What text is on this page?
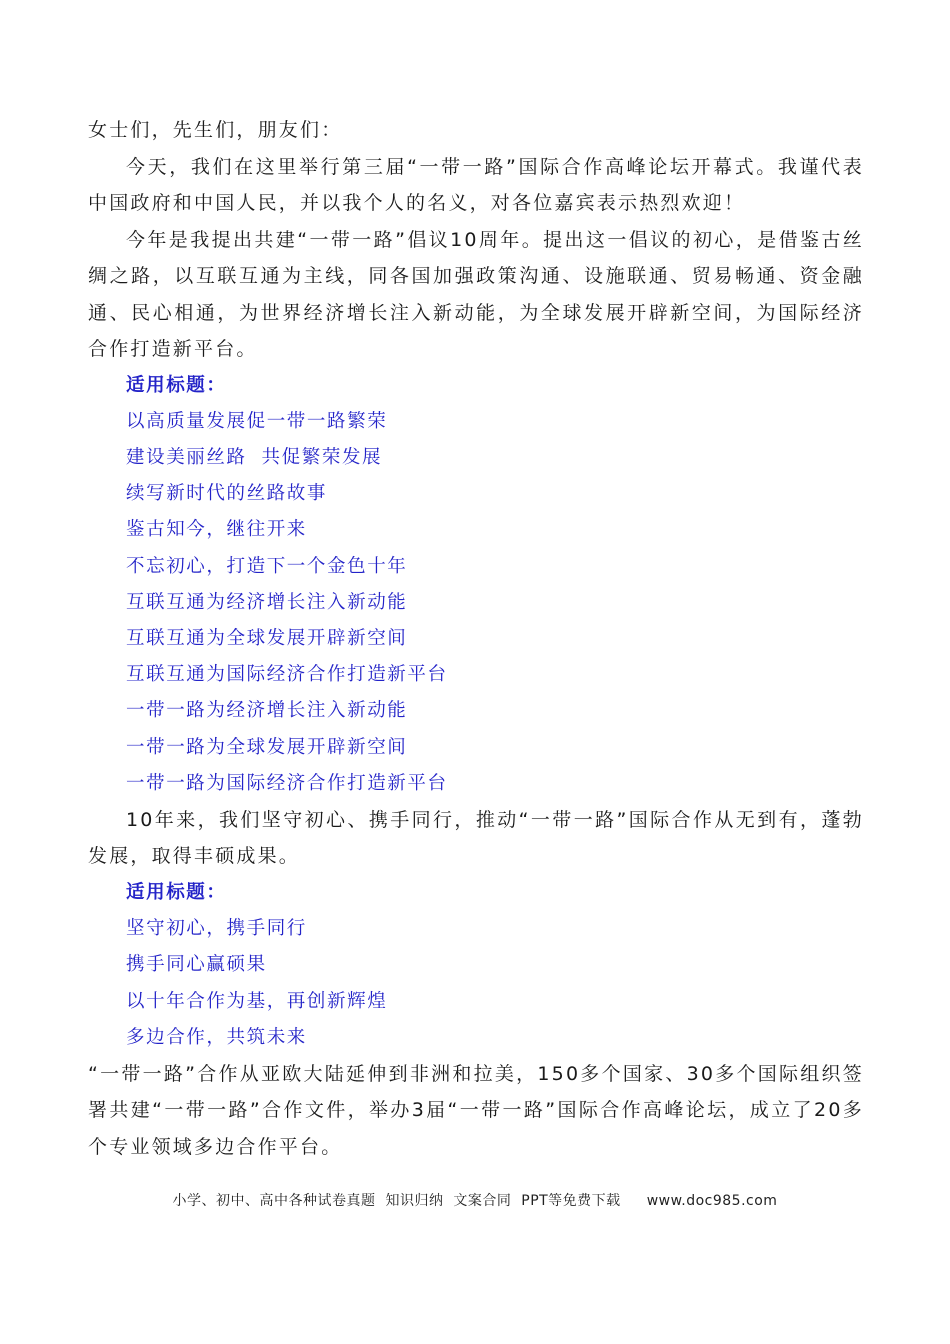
女士们，先生们，朋友们：

今天，我们在这里举行第三届“一带一路”国际合作高峰论坛开幕式。我谨代表中国政府和中国人民，并以我个人的名义，对各位嘉宾表示热烈欢迎！

今年是我提出共建“一带一路”倡议10周年。提出这一倡议的初心，是借鉴古丝绸之路，以互联互通为主线，同各国加强政策沟通、设施联通、贸易畅通、资金融通、民心相通，为世界经济增长注入新动能，为全球发展开辟新空间，为国际经济合作打造新平台。

适用标题：
以高质量发展促一带一路繁荣
建设美丽丝路  共促繁荣发展
续写新时代的丝路故事
鉴古知今，继往开来
不忘初心，打造下一个金色十年
互联互通为经济增长注入新动能
互联互通为全球发展开辟新空间
互联互通为国际经济合作打造新平台
一带一路为经济增长注入新动能
一带一路为全球发展开辟新空间
一带一路为国际经济合作打造新平台

10年来，我们坚守初心、携手同行，推动“一带一路”国际合作从无到有，蓬勃发展，取得丰硕成果。

适用标题：
坚守初心，携手同行
携手同心赢硕果
以十年合作为基，再创新辉煌
多边合作，共筑未来

“一带一路”合作从亚欧大陆延伸到非洲和拉美，150多个国家、30多个国际组织签署共建“一带一路”合作文件，举办3届“一带一路”国际合作高峰论坛，成立了20多个专业领域多边合作平台。

小学、初中、高中各种试卷真题  知识归纳  文案合同  PPT等免费下载 www.doc985.com
